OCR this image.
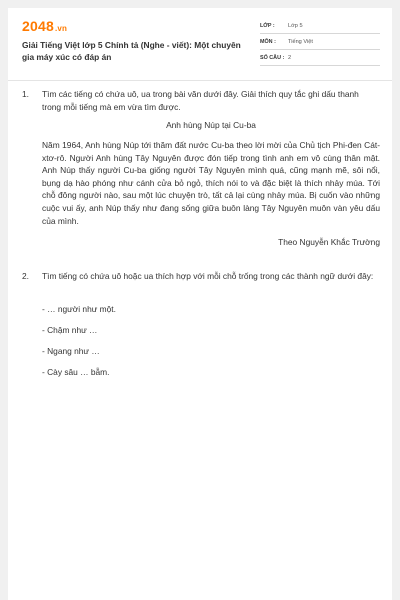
2048.vn
Giải Tiếng Việt lớp 5 Chính tả (Nghe - viết): Một chuyên gia máy xúc có đáp án
LỚP :	Lớp 5
MÔN :	Tiếng Việt
SỐ CÂU : 2
1.	Tìm các tiếng có chứa uô, ua trong bài văn dưới đây. Giải thích quy tắc ghi dấu thanh trong mỗi tiếng mà em vừa tìm được.
Anh hùng Núp tại Cu-ba
Năm 1964, Anh hùng Núp tới thăm đất nước Cu-ba theo lời mời của Chủ tịch Phi-đen Cát-xtơ-rô. Người Anh hùng Tây Nguyên được đón tiếp trong tình anh em vô cùng thân mật. Anh Núp thấy người Cu-ba giống người Tây Nguyên mình quá, cũng mạnh mẽ, sôi nổi, bụng dạ hào phóng như cánh cửa bỏ ngỏ, thích nói to và đặc biệt là thích nhảy múa. Tới chỗ đông người nào, sau một lúc chuyện trò, tất cả lại cùng nhảy múa. Bị cuốn vào những cuộc vui ấy, anh Núp thấy như đang sống giữa buôn làng Tây Nguyên muôn vàn yêu dấu của mình.
Theo Nguyễn Khắc Trường
2.	Tìm tiếng có chứa uô hoặc ua thích hợp với mỗi chỗ trống trong các thành ngữ dưới đây:
- … người như một.
- Chậm như …
- Ngang như …
- Cày sâu … bẫm.
